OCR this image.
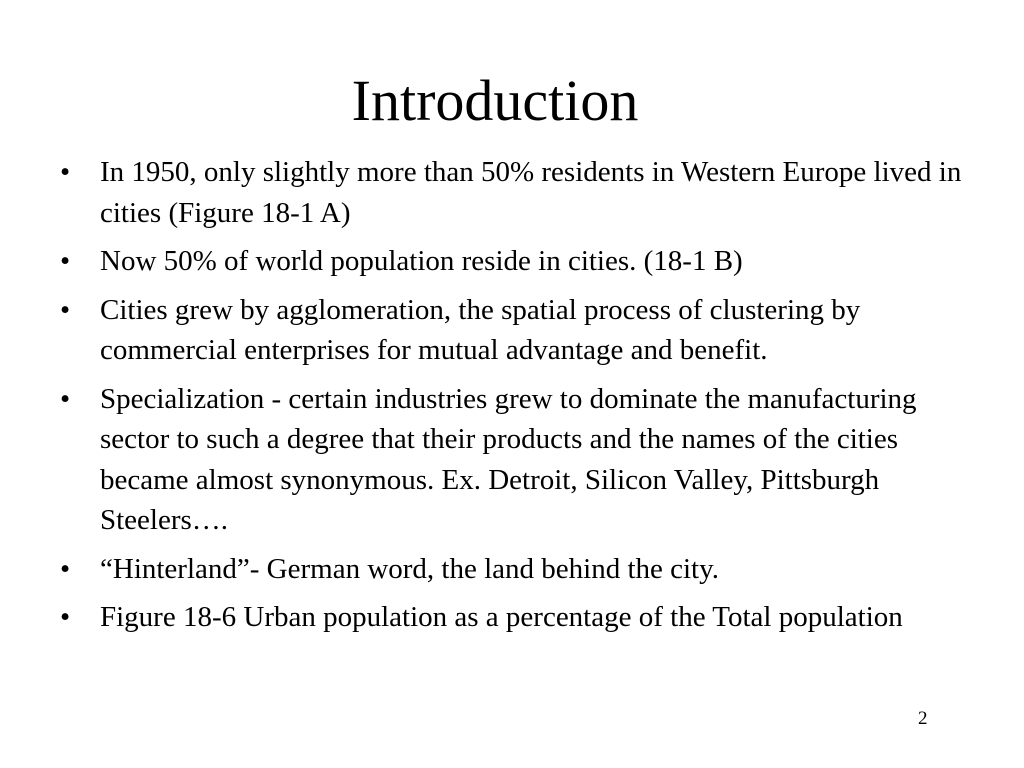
Introduction
•	In 1950, only slightly more than 50% residents in Western Europe lived in cities (Figure 18-1 A)
•	Now 50% of world population reside in cities. (18-1 B)
•	Cities grew by agglomeration, the spatial process of clustering by commercial enterprises for mutual advantage and benefit.
•	Specialization - certain industries grew to dominate the manufacturing sector to such a degree that their products and the names of the cities became almost synonymous. Ex. Detroit, Silicon Valley, Pittsburgh Steelers….
•	“Hinterland”- German word, the land behind the city.
•	Figure 18-6 Urban population as a percentage of the Total population
2
